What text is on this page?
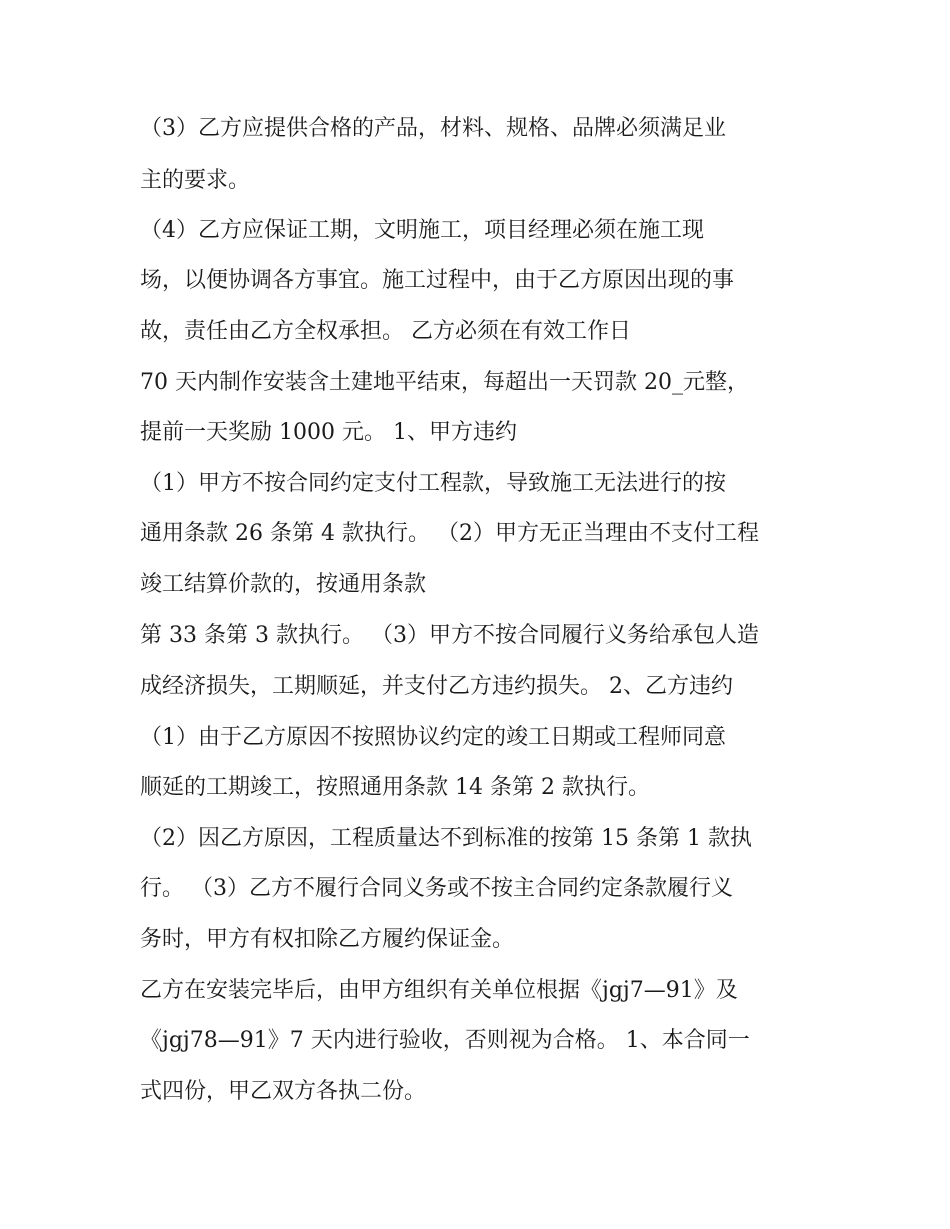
（3）乙方应提供合格的产品，材料、规格、品牌必须满足业
主的要求。
（4）乙方应保证工期，文明施工，项目经理必须在施工现
场，以便协调各方事宜。施工过程中，由于乙方原因出现的事
故，责任由乙方全权承担。 乙方必须在有效工作日
70 天内制作安装含土建地平结束，每超出一天罚款 20_元整，
提前一天奖励 1000 元。 1、甲方违约
（1）甲方不按合同约定支付工程款，导致施工无法进行的按
通用条款 26 条第 4 款执行。 （2）甲方无正当理由不支付工程
竣工结算价款的，按通用条款
第 33 条第 3 款执行。 （3）甲方不按合同履行义务给承包人造
成经济损失，工期顺延，并支付乙方违约损失。 2、乙方违约
（1）由于乙方原因不按照协议约定的竣工日期或工程师同意
顺延的工期竣工，按照通用条款 14 条第 2 款执行。
（2）因乙方原因，工程质量达不到标准的按第 15 条第 1 款执
行。 （3）乙方不履行合同义务或不按主合同约定条款履行义
务时，甲方有权扣除乙方履约保证金。
乙方在安装完毕后，由甲方组织有关单位根据《jgj7—91》及
《jgj78—91》7 天内进行验收，否则视为合格。 1、本合同一
式四份，甲乙双方各执二份。
